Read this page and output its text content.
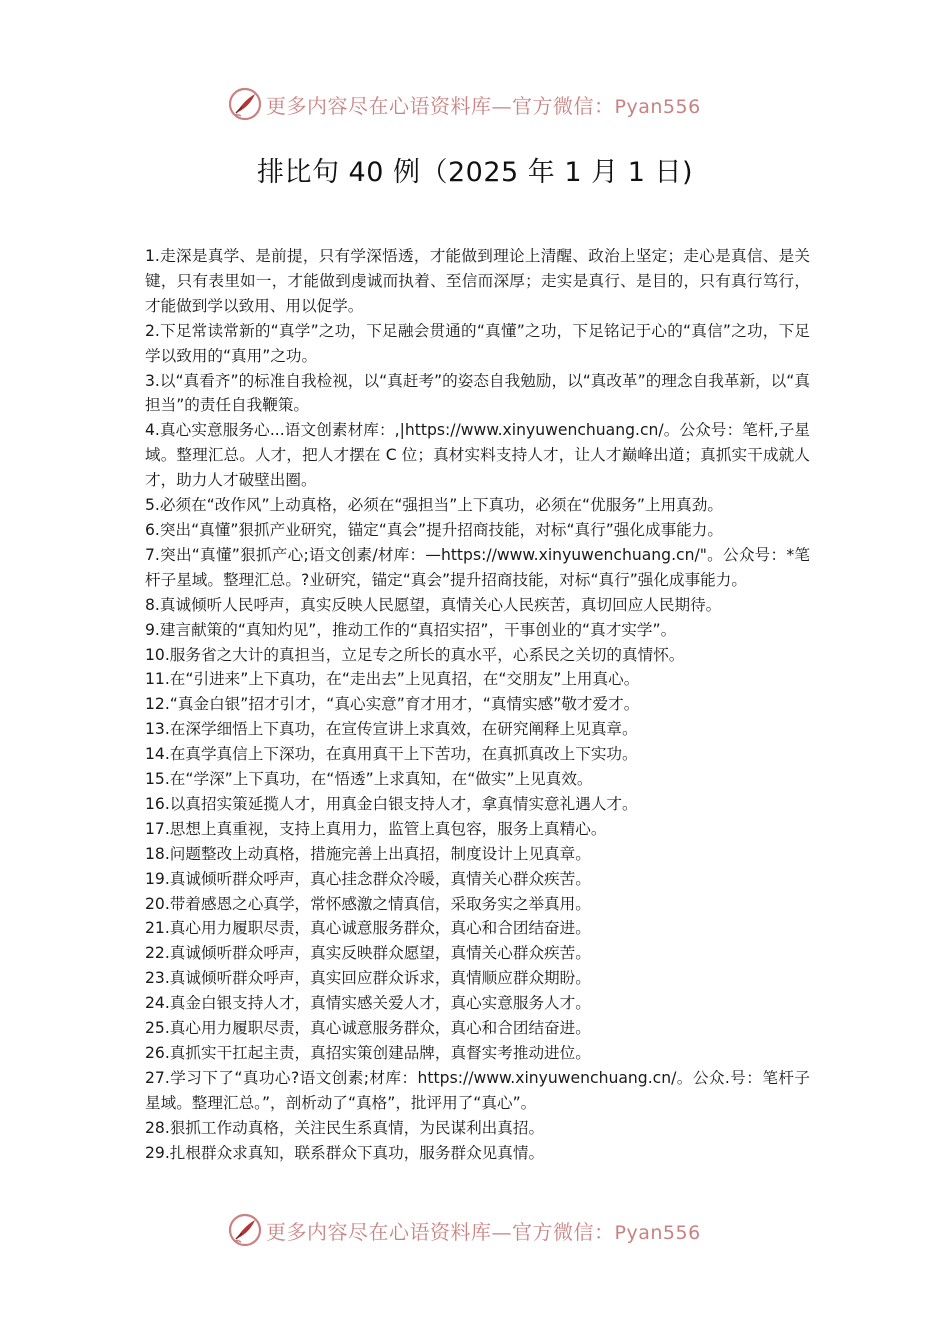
更多内容尽在心语资料库—官方微信：Pyan556
排比句 40 例（2025 年 1 月 1 日)

1.走深是真学、是前提，只有学深悟透，才能做到理论上清醒、政治上坚定；走心是真信、是关键，只有表里如一，才能做到虔诚而执着、至信而深厚；走实是真行、是目的，只有真行笃行，才能做到学以致用、用以促学。

2.下足常读常新的“真学”之功，下足融会贯通的“真懂”之功，下足铭记于心的“真信”之功，下足学以致用的“真用”之功。

3.以“真看齐”的标准自我检视，以“真赶考”的姿态自我勉励，以“真改革”的理念自我革新，以“真担当”的责任自我鞭策。

4.真心实意服务心...语文创素材库：,|https://www.xinyuwenchuang.cn/。公众号：笔杆,子星域。整理汇总。人才，把人才摆在 C 位；真材实料支持人才，让人才巅峰出道；真抓实干成就人才，助力人才破壁出圈。

5.必须在“改作风”上动真格，必须在“强担当”上下真功，必须在“优服务”上用真劲。

6.突出“真懂”狠抓产业研究，锚定“真会”提升招商技能，对标“真行”强化成事能力。

7.突出“真懂”狠抓产心;语文创素/材库：—https://www.xinyuwenchuang.cn/"。公众号：*笔杆子星域。整理汇总。?业研究，锚定“真会”提升招商技能，对标“真行”强化成事能力。

8.真诚倾听人民呼声，真实反映人民愿望，真情关心人民疾苦，真切回应人民期待。

9.建言献策的“真知灼见”，推动工作的“真招实招”，干事创业的“真才实学”。

10.服务省之大计的真担当，立足专之所长的真水平，心系民之关切的真情怀。

11.在“引进来”上下真功，在“走出去”上见真招，在“交朋友”上用真心。

12.“真金白银”招才引才，“真心实意”育才用才，“真情实感”敬才爱才。

13.在深学细悟上下真功，在宣传宣讲上求真效，在研究阐释上见真章。

14.在真学真信上下深功，在真用真干上下苦功，在真抓真改上下实功。

15.在“学深”上下真功，在“悟透”上求真知，在“做实”上见真效。

16.以真招实策延揽人才，用真金白银支持人才，拿真情实意礼遇人才。

17.思想上真重视，支持上真用力，监管上真包容，服务上真精心。

18.问题整改上动真格，措施完善上出真招，制度设计上见真章。

19.真诚倾听群众呼声，真心挂念群众冷暖，真情关心群众疾苦。

20.带着感恩之心真学，常怀感激之情真信，采取务实之举真用。

21.真心用力履职尽责，真心诚意服务群众，真心和合团结奋进。

22.真诚倾听群众呼声，真实反映群众愿望，真情关心群众疾苦。

23.真诚倾听群众呼声，真实回应群众诉求，真情顺应群众期盼。

24.真金白银支持人才，真情实感关爱人才，真心实意服务人才。

25.真心用力履职尽责，真心诚意服务群众，真心和合团结奋进。

26.真抓实干扛起主责，真招实策创建品牌，真督实考推动进位。

27.学习下了“真功心?语文创素;材库：https://www.xinyuwenchuang.cn/。公众.号：笔杆子星域。整理汇总。”，剖析动了“真格”，批评用了“真心”。

28.狠抓工作动真格，关注民生系真情，为民谋利出真招。

29.扎根群众求真知，联系群众下真功，服务群众见真情。

更多内容尽在心语资料库—官方微信：Pyan556
